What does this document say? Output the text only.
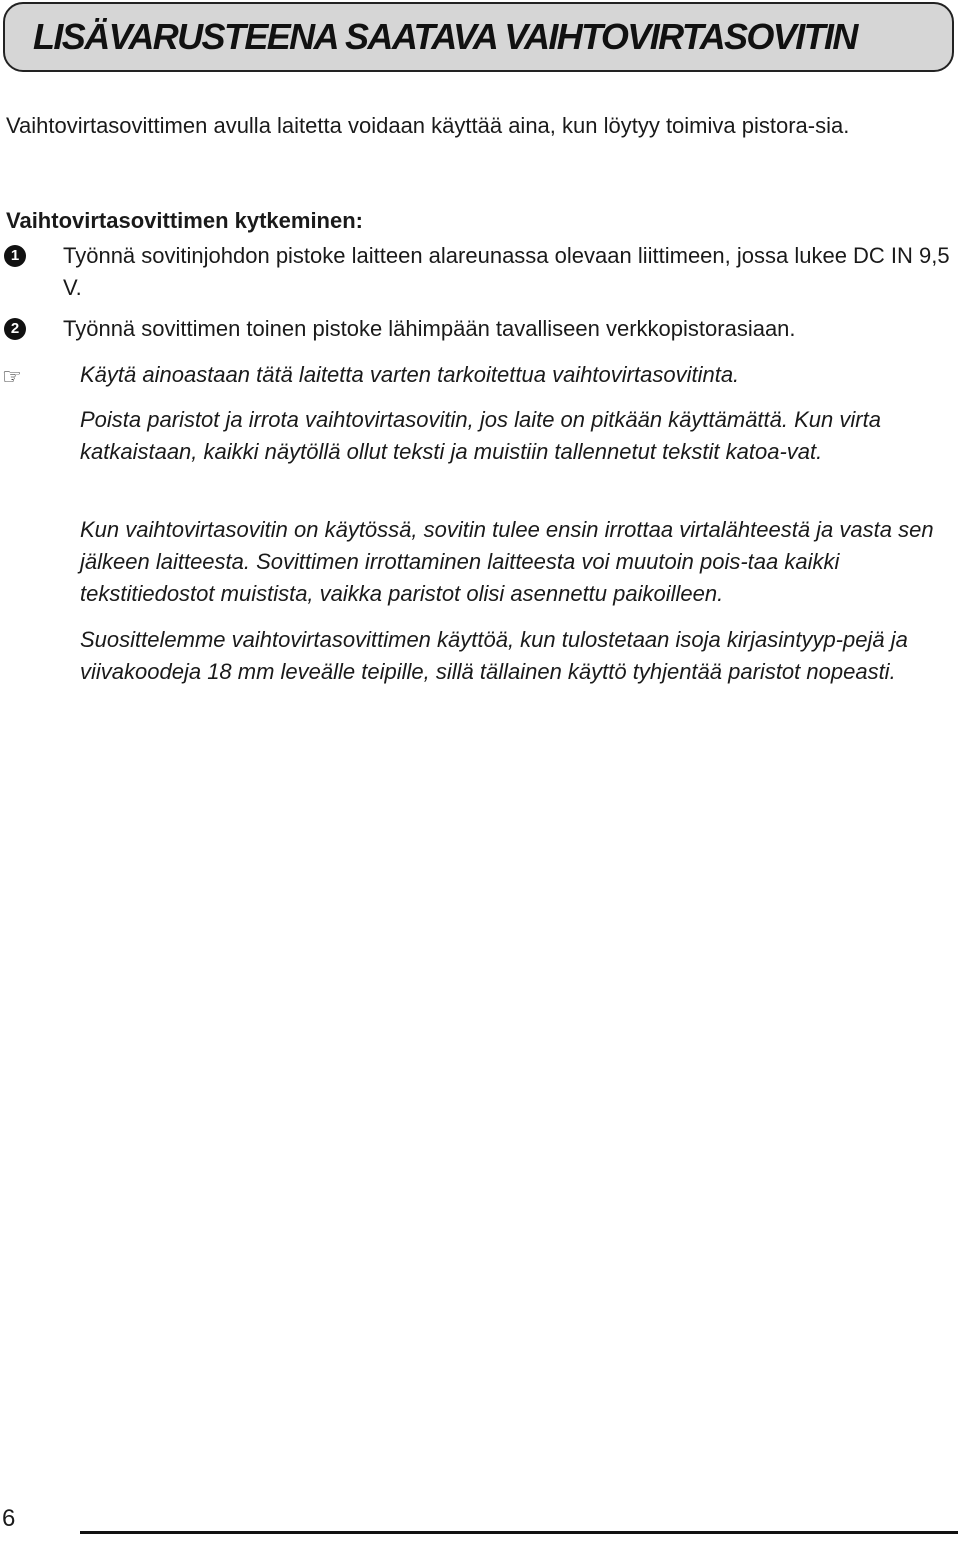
LISÄVARUSTEENA SAATAVA VAIHTOVIRTASOVITIN

Vaihtovirtasovittimen avulla laitetta voidaan käyttää aina, kun löytyy toimiva pistora-sia.

Vaihtovirtasovittimen kytkeminen:

1	Työnnä sovitinjohdon pistoke laitteen alareunassa olevaan liittimeen, jossa lukee DC IN 9,5 V.

2	Työnnä sovittimen toinen pistoke lähimpään tavalliseen verkkopistorasiaan.

☞	Käytä ainoastaan tätä laitetta varten tarkoitettua vaihtovirtasovitinta.

Poista paristot ja irrota vaihtovirtasovitin, jos laite on pitkään käyttämättä. Kun virta katkaistaan, kaikki näytöllä ollut teksti ja muistiin tallennetut tekstit katoa-vat.

Kun vaihtovirtasovitin on käytössä, sovitin tulee ensin irrottaa virtalähteestä ja vasta sen jälkeen laitteesta. Sovittimen irrottaminen laitteesta voi muutoin pois-taa kaikki tekstitiedostot muistista, vaikka paristot olisi asennettu paikoilleen.

Suosittelemme vaihtovirtasovittimen käyttöä, kun tulostetaan isoja kirjasintyyp-pejä ja viivakoodeja 18 mm leveälle teipille, sillä tällainen käyttö tyhjentää paristot nopeasti.

6
